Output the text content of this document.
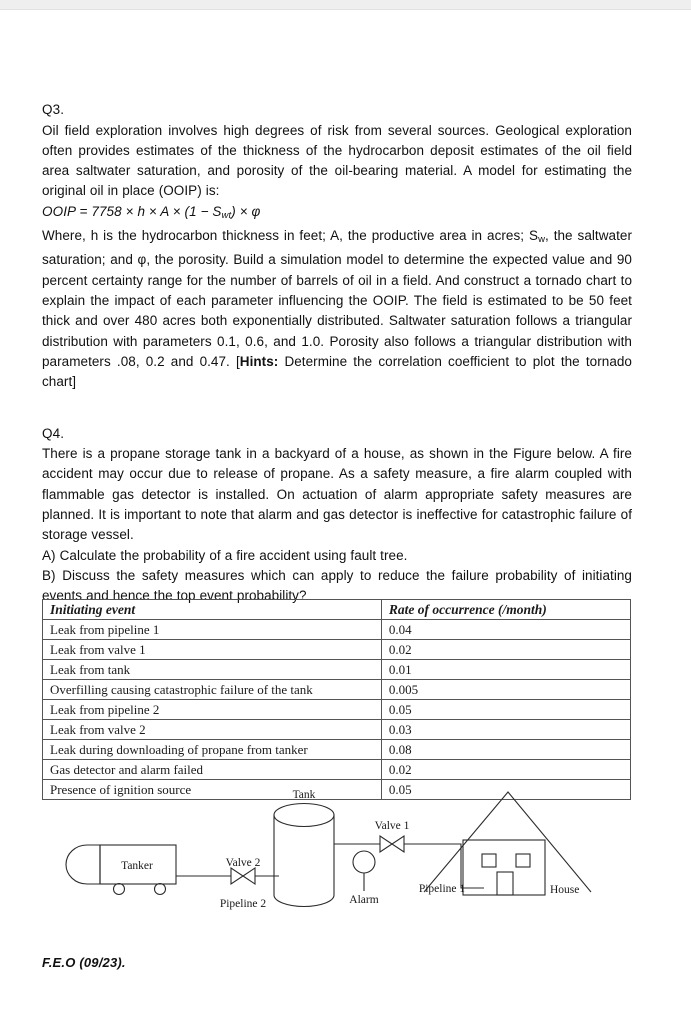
Q3.

Oil field exploration involves high degrees of risk from several sources. Geological exploration often provides estimates of the thickness of the hydrocarbon deposit estimates of the oil field area saltwater saturation, and porosity of the oil-bearing material. A model for estimating the original oil in place (OOIP) is:

OOIP = $7758 \times h \times A \times (1 - S_{wt}) \times \varphi$

Where, h is the hydrocarbon thickness in feet; A, the productive area in acres; Sw, the saltwater saturation; and φ, the porosity. Build a simulation model to determine the expected value and 90 percent certainty range for the number of barrels of oil in a field. And construct a tornado chart to explain the impact of each parameter influencing the OOIP. The field is estimated to be 50 feet thick and over 480 acres both exponentially distributed. Saltwater saturation follows a triangular distribution with parameters 0.1, 0.6, and 1.0. Porosity also follows a triangular distribution with parameters .08, 0.2 and 0.47. [Hints: Determine the correlation coefficient to plot the tornado chart]

Q4.

There is a propane storage tank in a backyard of a house, as shown in the Figure below. A fire accident may occur due to release of propane. As a safety measure, a fire alarm coupled with flammable gas detector is installed. On actuation of alarm appropriate safety measures are planned. It is important to note that alarm and gas detector is ineffective for catastrophic failure of storage vessel.

A) Calculate the probability of a fire accident using fault tree.

B) Discuss the safety measures which can apply to reduce the failure probability of initiating events and hence the top event probability?

Initiating event	Rate of occurrence (/month)
Leak from pipeline 1	0.04
Leak from valve 1	0.02
Leak from tank	0.01
Overfilling causing catastrophic failure of the tank	0.005
Leak from pipeline 2	0.05
Leak from valve 2	0.03
Leak during downloading of propane from tanker	0.08
Gas detector and alarm failed	0.02
Presence of ignition source	0.05
Tanker	Valve 2
Pipeline 2
Tank
Alarm
Valve 1
Pipeline 1	House
F.E.O (09/23).
